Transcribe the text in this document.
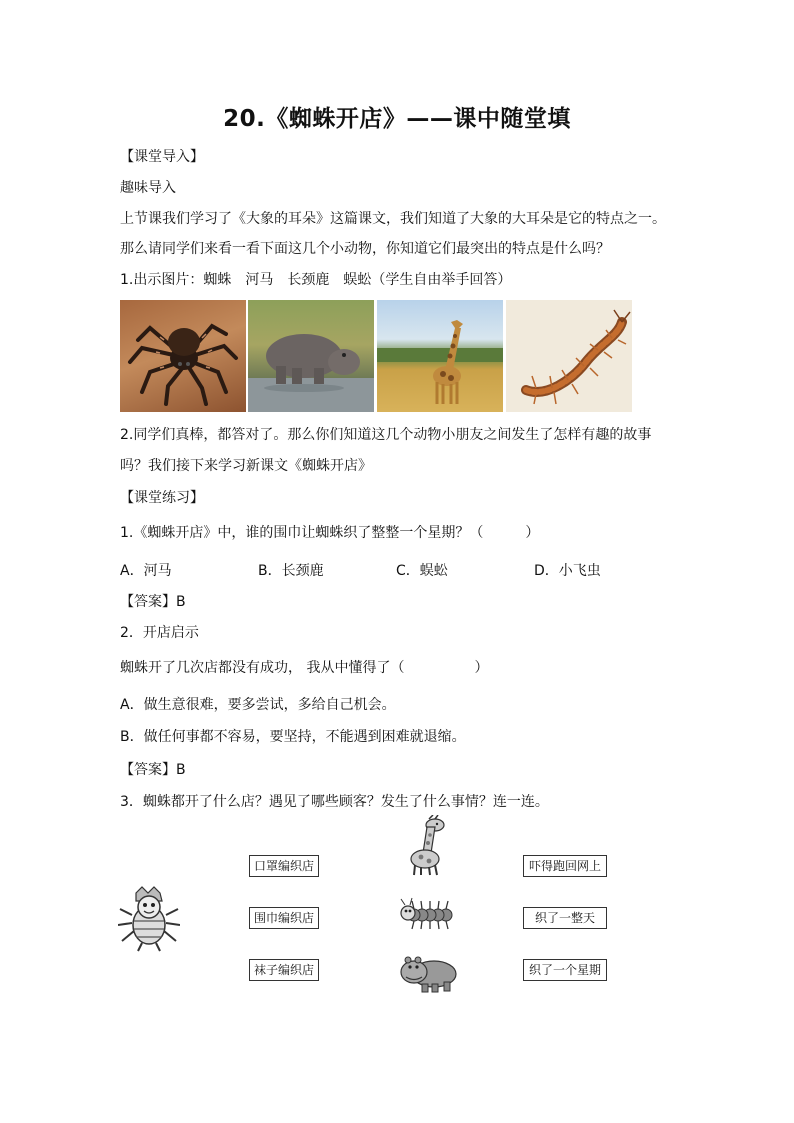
20.《蜘蛛开店》——课中随堂填
【课堂导入】
趣味导入
上节课我们学习了《大象的耳朵》这篇课文，我们知道了大象的大耳朵是它的特点之一。
那么请同学们来看一看下面这几个小动物，你知道它们最突出的特点是什么吗？
1.出示图片：蜘蛛　河马　长颈鹿　蜈蚣（学生自由举手回答）
2.同学们真棒，都答对了。那么你们知道这几个动物小朋友之间发生了怎样有趣的故事
吗？我们接下来学习新课文《蜘蛛开店》
【课堂练习】
1.《蜘蛛开店》中，谁的围巾让蜘蛛织了整整一个星期？（　　　）
A．河马	B．长颈鹿	C．蜈蚣	D．小飞虫
【答案】B
2．开店启示
蜘蛛开了几次店都没有成功， 我从中懂得了（　　　　　）
A．做生意很难，要多尝试，多给自己机会。
B．做任何事都不容易，要坚持，不能遇到困难就退缩。
【答案】B
3．蜘蛛都开了什么店？遇见了哪些顾客？发生了什么事情？连一连。
口罩编织店
围巾编织店
袜子编织店
吓得跑回网上
织了一整天
织了一个星期
